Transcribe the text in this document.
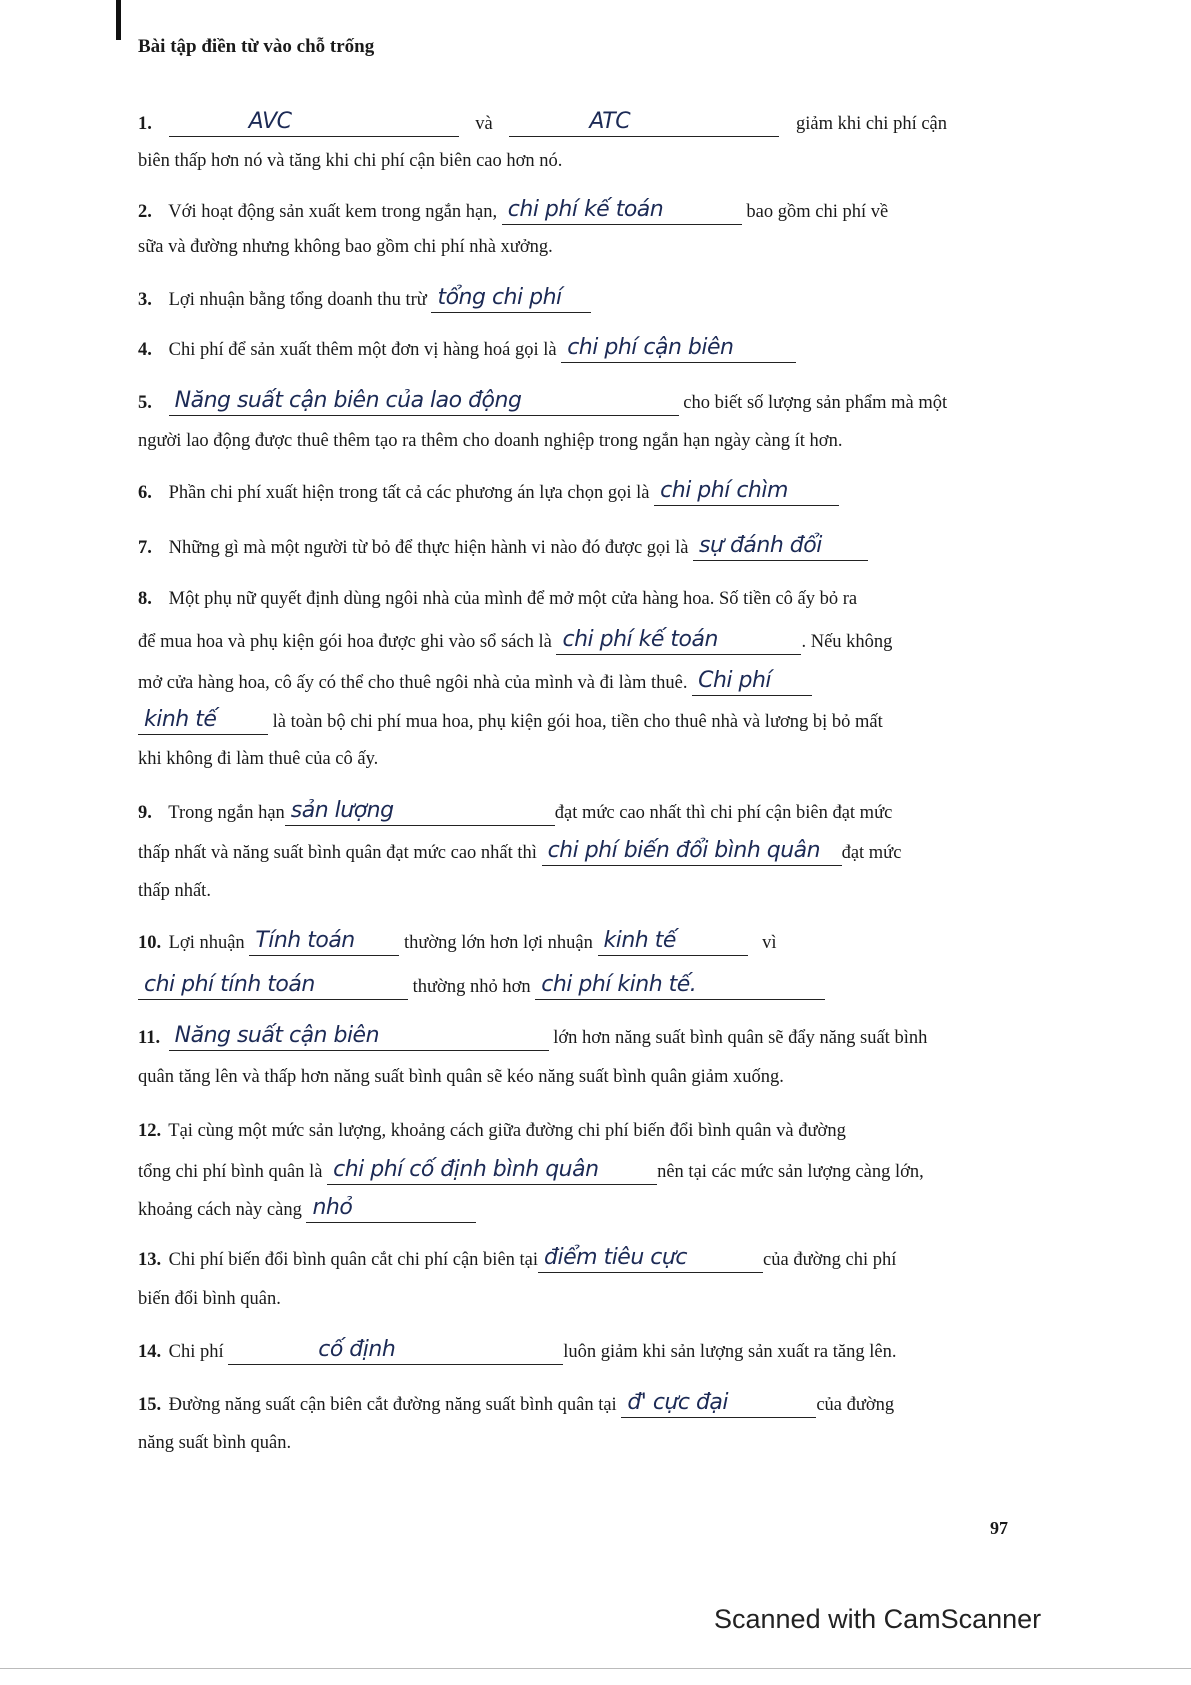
Bài tập điền từ vào chỗ trống
1.	AVC	và	ATC	giảm khi chi phí cận
biên thấp hơn nó và tăng khi chi phí cận biên cao hơn nó.
2. Với hoạt động sản xuất kem trong ngắn hạn, chi phí kế toán	bao gồm chi phí về
sữa và đường nhưng không bao gồm chi phí nhà xưởng.
3. Lợi nhuận bằng tổng doanh thu trừ tổng chi phí
4. Chi phí để sản xuất thêm một đơn vị hàng hoá gọi là chi phí cận biên
5. Năng suất cận biên của lao động	cho biết số lượng sản phẩm mà một
người lao động được thuê thêm tạo ra thêm cho doanh nghiệp trong ngắn hạn ngày càng ít hơn.
6. Phần chi phí xuất hiện trong tất cả các phương án lựa chọn gọi là chi phí chìm
7. Những gì mà một người từ bỏ để thực hiện hành vi nào đó được gọi là sự đánh đổi
8. Một phụ nữ quyết định dùng ngôi nhà của mình để mở một cửa hàng hoa. Số tiền cô ấy bỏ ra
để mua hoa và phụ kiện gói hoa được ghi vào sổ sách là chi phí kế toán	. Nếu không
mở cửa hàng hoa, cô ấy có thể cho thuê ngôi nhà của mình và đi làm thuê. Chi phí
kinh tế	là toàn bộ chi phí mua hoa, phụ kiện gói hoa, tiền cho thuê nhà và lương bị bỏ mất
khi không đi làm thuê của cô ấy.
9. Trong ngắn hạn sản lượng	đạt mức cao nhất thì chi phí cận biên đạt mức
thấp nhất và năng suất bình quân đạt mức cao nhất thì chi phí biến đổi bình quân đạt mức
thấp nhất.
10. Lợi nhuận Tính toán	thường lớn hơn lợi nhuận kinh tế	vì
chi phí tính toán	thường nhỏ hơn chi phí kinh tế.
11. Năng suất cận biên	lớn hơn năng suất bình quân sẽ đẩy năng suất bình
quân tăng lên và thấp hơn năng suất bình quân sẽ kéo năng suất bình quân giảm xuống.
12. Tại cùng một mức sản lượng, khoảng cách giữa đường chi phí biến đổi bình quân và đường
tổng chi phí bình quân là chi phí cố định bình quân	nên tại các mức sản lượng càng lớn,
khoảng cách này càng nhỏ
13. Chi phí biến đổi bình quân cắt chi phí cận biên tại điểm tiêu cực	của đường chi phí
biến đổi bình quân.
14. Chi phí	cố định	luôn giảm khi sản lượng sản xuất ra tăng lên.
15. Đường năng suất cận biên cắt đường năng suất bình quân tại đ' cực đại	của đường
năng suất bình quân.
97
Scanned with CamScanner
